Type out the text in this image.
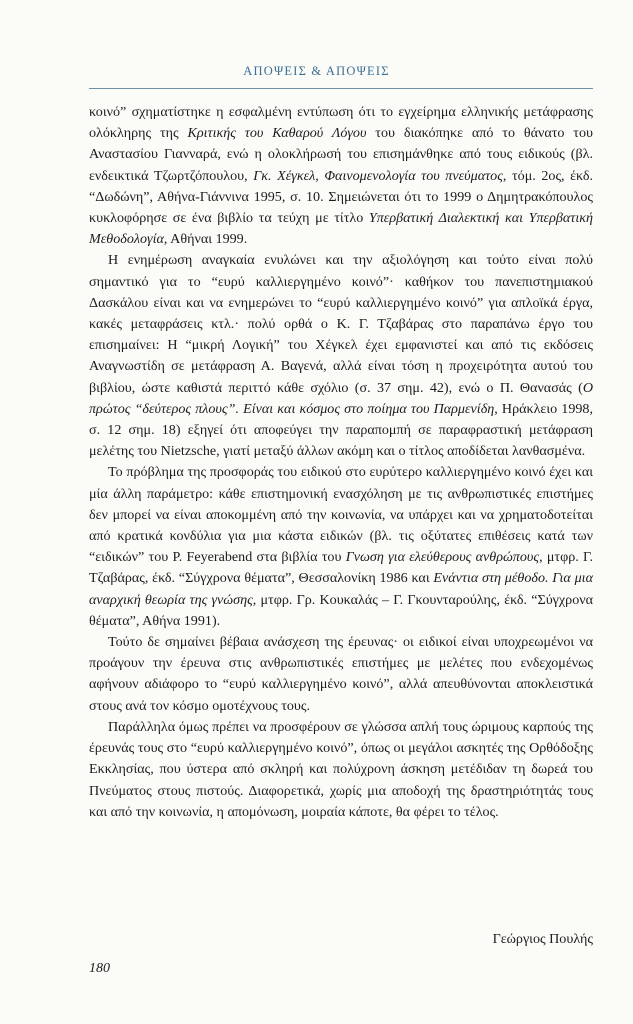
ΑΠΟΨΕΙΣ & ΑΠΟΨΕΙΣ

κοινό” σχηματίστηκε η εσφαλμένη εντύπωση ότι το εγχείρημα ελληνικής μετάφρασης ολόκληρης της Κριτικής του Καθαρού Λόγου του διακόπηκε από το θάνατο του Αναστασίου Γιανναρά, ενώ η ολοκλήρωσή του επισημάνθηκε από τους ειδικούς (βλ. ενδεικτικά Τζωρτζόπουλου, Γκ. Χέγκελ, Φαινομενολογία του πνεύματος, τόμ. 2ος, έκδ. “Δωδώνη”, Αθήνα-Γιάννινα 1995, σ. 10. Σημειώνεται ότι το 1999 ο Δημητρακόπουλος κυκλοφόρησε σε ένα βιβλίο τα τεύχη με τίτλο Υπερβατική Διαλεκτική και Υπερβατική Μεθοδολογία, Αθήναι 1999.

Η ενημέρωση αναγκαία ενυλώνει και την αξιολόγηση και τούτο είναι πολύ σημαντικό για το “ευρύ καλλιεργημένο κοινό”· καθήκον του πανεπιστημιακού Δασκάλου είναι και να ενημερώνει το “ευρύ καλλιεργημένο κοινό” για απλοϊκά έργα, κακές μεταφράσεις κτλ.· πολύ ορθά ο Κ. Γ. Τζαβάρας στο παραπάνω έργο του επισημαίνει: Η “μικρή Λογική” του Χέγκελ έχει εμφανιστεί και από τις εκδόσεις Αναγνωστίδη σε μετάφραση Α. Βαγενά, αλλά είναι τόση η προχειρότητα αυτού του βιβλίου, ώστε καθιστά περιττό κάθε σχόλιο (σ. 37 σημ. 42), ενώ ο Π. Θανασάς (Ο πρώτος “δεύτερος πλους”. Είναι και κόσμος στο ποίημα του Παρμενίδη, Ηράκλειο 1998, σ. 12 σημ. 18) εξηγεί ότι αποφεύγει την παραπομπή σε παραφραστική μετάφραση μελέτης του Nietzsche, γιατί μεταξύ άλλων ακόμη και ο τίτλος αποδίδεται λανθασμένα.

Το πρόβλημα της προσφοράς του ειδικού στο ευρύτερο καλλιεργημένο κοινό έχει και μία άλλη παράμετρο: κάθε επιστημονική ενασχόληση με τις ανθρωπιστικές επιστήμες δεν μπορεί να είναι αποκομμένη από την κοινωνία, να υπάρχει και να χρηματοδοτείται από κρατικά κονδύλια για μια κάστα ειδικών (βλ. τις οξύτατες επιθέσεις κατά των “ειδικών” του P. Feyerabend στα βιβλία του Γνωση για ελεύθερους ανθρώπους, μτφρ. Γ. Τζαβάρας, έκδ. “Σύγχρονα θέματα”, Θεσσαλονίκη 1986 και Ενάντια στη μέθοδο. Για μια αναρχική θεωρία της γνώσης, μτφρ. Γρ. Κουκαλάς – Γ. Γκουνταρούλης, έκδ. “Σύγχρονα θέματα”, Αθήνα 1991).

Τούτο δε σημαίνει βέβαια ανάσχεση της έρευνας· οι ειδικοί είναι υποχρεωμένοι να προάγουν την έρευνα στις ανθρωπιστικές επιστήμες με μελέτες που ενδεχομένως αφήνουν αδιάφορο το “ευρύ καλλιεργημένο κοινό”, αλλά απευθύνονται αποκλειστικά στους ανά τον κόσμο ομοτέχνους τους.

Παράλληλα όμως πρέπει να προσφέρουν σε γλώσσα απλή τους ώριμους καρπούς της έρευνάς τους στο “ευρύ καλλιεργημένο κοινό”, όπως οι μεγάλοι ασκητές της Ορθόδοξης Εκκλησίας, που ύστερα από σκληρή και πολύχρονη άσκηση μετέδιδαν τη δωρεά του Πνεύματος στους πιστούς. Διαφορετικά, χωρίς μια αποδοχή της δραστηριότητάς τους και από την κοινωνία, η απομόνωση, μοιραία κάποτε, θα φέρει το τέλος.

Γεώργιος Πουλής
180
